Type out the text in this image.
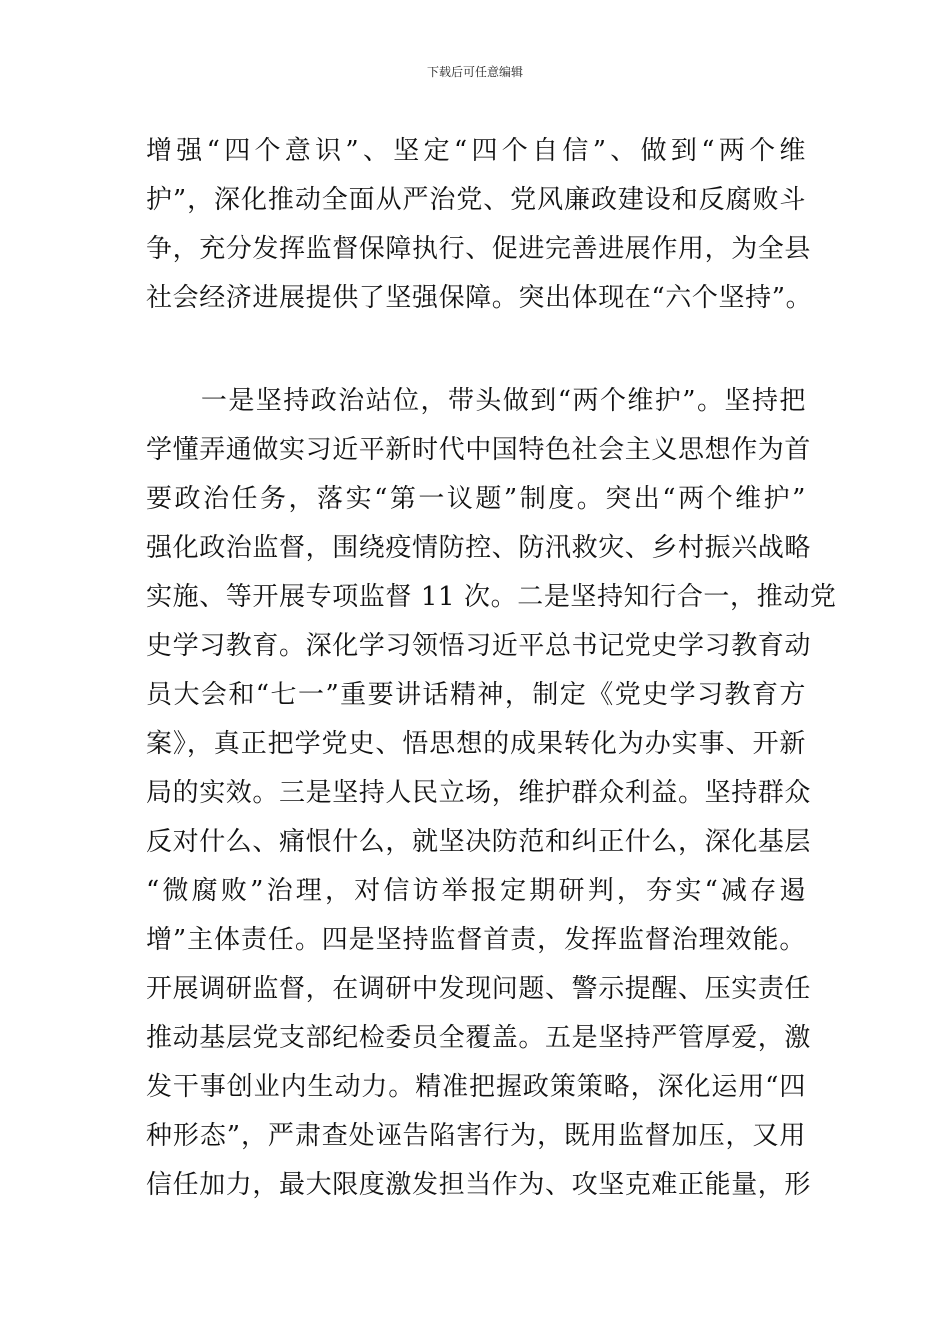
下载后可任意编辑
增强“四个意识”、坚定“四个自信”、做到“两个维
护”，深化推动全面从严治党、党风廉政建设和反腐败斗
争，充分发挥监督保障执行、促进完善进展作用，为全县
社会经济进展提供了坚强保障。突出体现在“六个坚持”。
　　一是坚持政治站位，带头做到“两个维护”。坚持把
学懂弄通做实习近平新时代中国特色社会主义思想作为首
要政治任务，落实“第一议题”制度。突出“两个维护”
强化政治监督，围绕疫情防控、防汛救灾、乡村振兴战略
实施、等开展专项监督 11 次。二是坚持知行合一，推动党
史学习教育。深化学习领悟习近平总书记党史学习教育动
员大会和“七一”重要讲话精神，制定《党史学习教育方
案》，真正把学党史、悟思想的成果转化为办实事、开新
局的实效。三是坚持人民立场，维护群众利益。坚持群众
反对什么、痛恨什么，就坚决防范和纠正什么，深化基层
“微腐败”治理，对信访举报定期研判，夯实“减存遏
增”主体责任。四是坚持监督首责，发挥监督治理效能。
开展调研监督，在调研中发现问题、警示提醒、压实责任
推动基层党支部纪检委员全覆盖。五是坚持严管厚爱，激
发干事创业内生动力。精准把握政策策略，深化运用“四
种形态”，严肃查处诬告陷害行为，既用监督加压，又用
信任加力，最大限度激发担当作为、攻坚克难正能量，形
